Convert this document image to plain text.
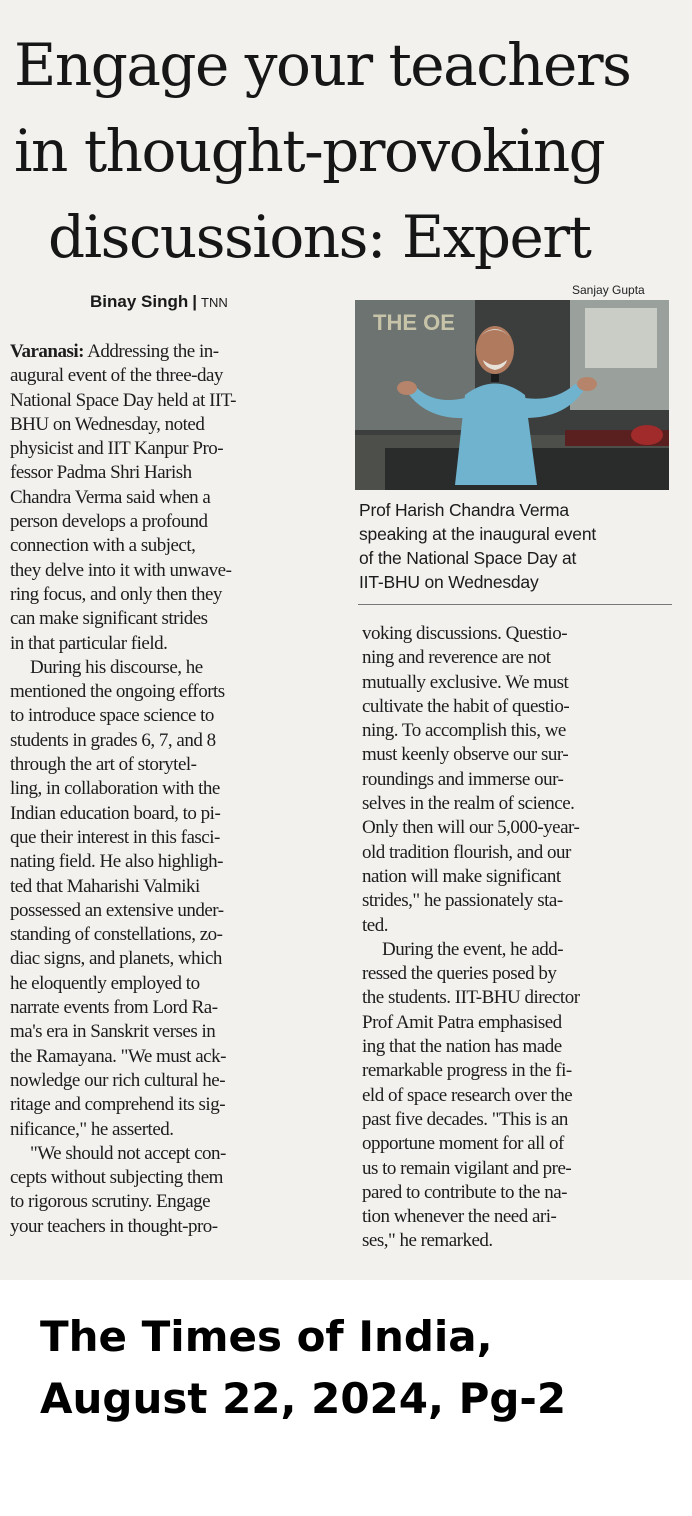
Engage your teachers
in thought-provoking
discussions: Expert
Binay Singh | TNN
Sanjay Gupta
ТНЕ ОЕ

Prof Harish Chandra Verma
speaking at the inaugural event
of the National Space Day at
IIT-BHU on Wednesday

Varanasi: Addressing the in-
augural event of the three-day
National Space Day held at IIT-
BHU on Wednesday, noted
physicist and IIT Kanpur Pro-
fessor Padma Shri Harish
Chandra Verma said when a
person develops a profound
connection with a subject,
they delve into it with unwave-
ring focus, and only then they
can make significant strides
in that particular field.
During his discourse, he
mentioned the ongoing efforts
to introduce space science to
students in grades 6, 7, and 8
through the art of storytel-
ling, in collaboration with the
Indian education board, to pi-
que their interest in this fasci-
nating field. He also highligh-
ted that Maharishi Valmiki
possessed an extensive under-
standing of constellations, zo-
diac signs, and planets, which
he eloquently employed to
narrate events from Lord Ra-
ma's era in Sanskrit verses in
the Ramayana. "We must ack-
nowledge our rich cultural he-
ritage and comprehend its sig-
nificance," he asserted.
"We should not accept con-
cepts without subjecting them
to rigorous scrutiny. Engage
your teachers in thought-pro-
voking discussions. Questio-
ning and reverence are not
mutually exclusive. We must
cultivate the habit of questio-
ning. To accomplish this, we
must keenly observe our sur-
roundings and immerse our-
selves in the realm of science.
Only then will our 5,000-year-
old tradition flourish, and our
nation will make significant
strides," he passionately sta-
ted.
During the event, he add-
ressed the queries posed by
the students. IIT-BHU director
Prof Amit Patra emphasised
ing that the nation has made
remarkable progress in the fi-
eld of space research over the
past five decades. "This is an
opportune moment for all of
us to remain vigilant and pre-
pared to contribute to the na-
tion whenever the need ari-
ses," he remarked.

The Times of India,
August 22, 2024, Pg-2
